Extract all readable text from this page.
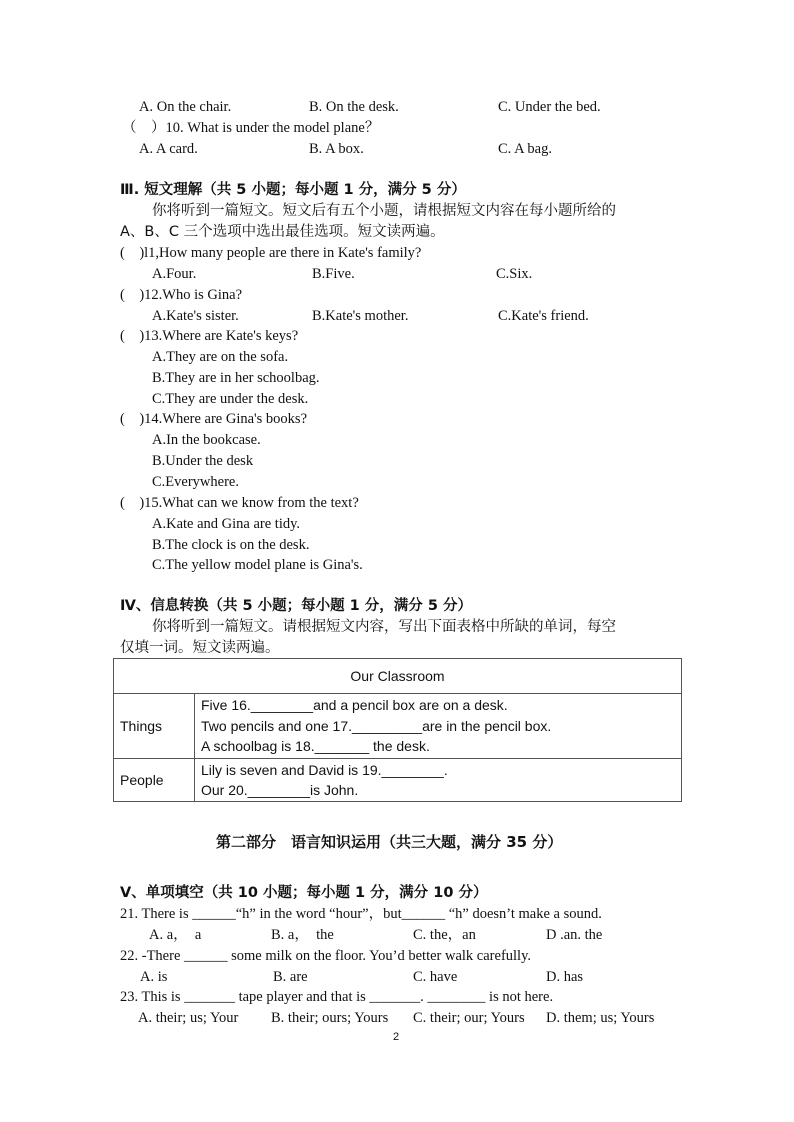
A. On the chair.	B. On the desk.	C. Under the bed.
（　）10. What is under the model plane？
A. A card.	B. A box.	C. A bag.
Ⅲ. 短文理解（共 5 小题；每小题 1 分，满分 5 分）
你将听到一篇短文。短文后有五个小题，请根据短文内容在每小题所给的
A、B、C 三个选项中选出最佳选项。短文读两遍。
(　)l1,How many people are there in Kate's family?
A.Four.	B.Five.	C.Six.
(　)12.Who is Gina?
A.Kate's sister.	B.Kate's mother.	C.Kate's friend.
(　)13.Where are Kate's keys?
A.They are on the sofa.
B.They are in her schoolbag.
C.They are under the desk.
(　)14.Where are Gina's books?
A.In the bookcase.
B.Under the desk
C.Everywhere.
(　)15.What can we know from the text?
A.Kate and Gina are tidy.
B.The clock is on the desk.
C.The yellow model plane is Gina's.
Ⅳ、信息转换（共 5 小题；每小题 1 分，满分 5 分）
你将听到一篇短文。请根据短文内容，写出下面表格中所缺的单词，每空
仅填一词。短文读两遍。
Our Classroom	
Things	Five 16.________and a pencil box are on a desk.
Two pencils and one 17._________are in the pencil box.
A schoolbag is 18._______ the desk.

People	Lily is seven and David is 19.________.
Our 20.________is John.
第二部分　语言知识运用（共三大题，满分 35 分）
V、单项填空（共 10 小题；每小题 1 分，满分 10 分）
21. There is ______“h” in the word “hour”，but______ “h” doesn’t make a sound.
A. a，　a	B. a，　the	C. the，an	D .an. the
22. -There ______ some milk on the floor. You’d better walk carefully.
A. is	B. are	C. have	D. has
23. This is _______ tape player and that is _______. ________ is not here.
A. their; us; Your B. their; ours; Yours C. their; our; Yours D. them; us; Yours
2
